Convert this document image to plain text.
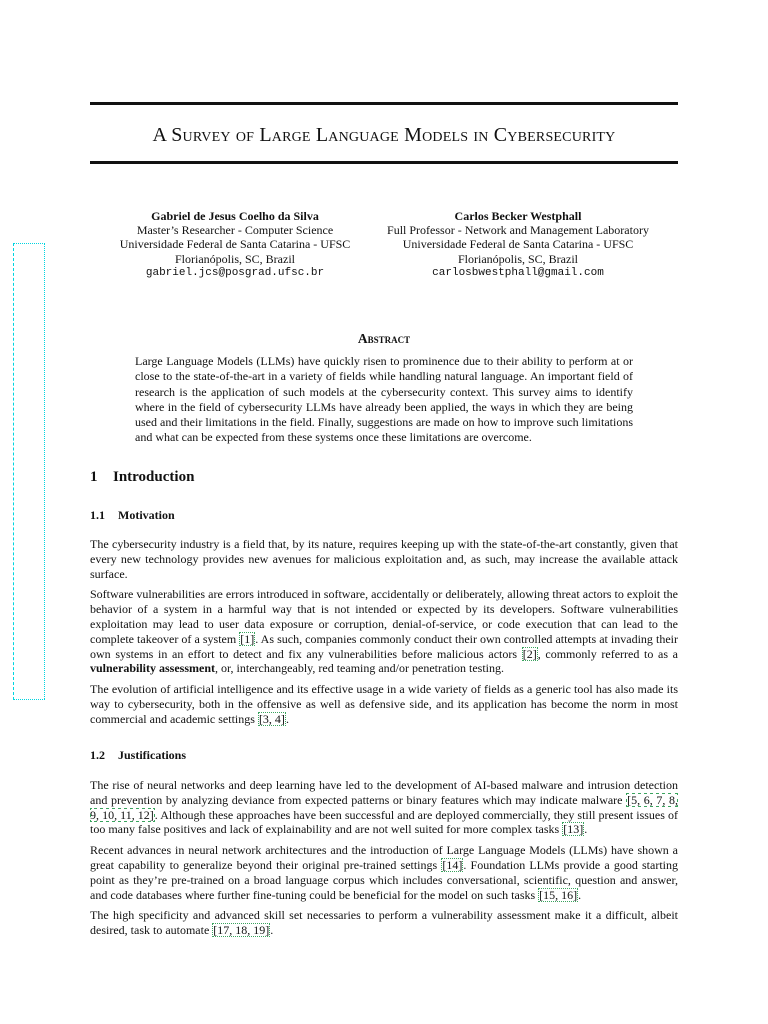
A Survey of Large Language Models in Cybersecurity
Gabriel de Jesus Coelho da Silva
Master’s Researcher - Computer Science
Universidade Federal de Santa Catarina - UFSC
Florianópolis, SC, Brazil
gabriel.jcs@posgrad.ufsc.br
Carlos Becker Westphall
Full Professor - Network and Management Laboratory
Universidade Federal de Santa Catarina - UFSC
Florianópolis, SC, Brazil
carlosbwestphall@gmail.com
Abstract

Large Language Models (LLMs) have quickly risen to prominence due to their ability to perform at or close to the state-of-the-art in a variety of fields while handling natural language. An important field of research is the application of such models at the cybersecurity context. This survey aims to identify where in the field of cybersecurity LLMs have already been applied, the ways in which they are being used and their limitations in the field. Finally, suggestions are made on how to improve such limitations and what can be expected from these systems once these limitations are overcome.

1 Introduction
1.1 Motivation

The cybersecurity industry is a field that, by its nature, requires keeping up with the state-of-the-art constantly, given that every new technology provides new avenues for malicious exploitation and, as such, may increase the available attack surface.

Software vulnerabilities are errors introduced in software, accidentally or deliberately, allowing threat actors to exploit the behavior of a system in a harmful way that is not intended or expected by its developers. Software vulnerabilities exploitation may lead to user data exposure or corruption, denial-of-service, or code execution that can lead to the complete takeover of a system [1]. As such, companies commonly conduct their own controlled attempts at invading their own systems in an effort to detect and fix any vulnerabilities before malicious actors [2], commonly referred to as a vulnerability assessment, or, interchangeably, red teaming and/or penetration testing.

The evolution of artificial intelligence and its effective usage in a wide variety of fields as a generic tool has also made its way to cybersecurity, both in the offensive as well as defensive side, and its application has become the norm in most commercial and academic settings [3, 4].

1.2 Justifications

The rise of neural networks and deep learning have led to the development of AI-based malware and intrusion detection and prevention by analyzing deviance from expected patterns or binary features which may indicate malware [5, 6, 7, 8, 9, 10, 11, 12]. Although these approaches have been successful and are deployed commercially, they still present issues of too many false positives and lack of explainability and are not well suited for more complex tasks [13].

Recent advances in neural network architectures and the introduction of Large Language Models (LLMs) have shown a great capability to generalize beyond their original pre-trained settings [14]. Foundation LLMs provide a good starting point as they’re pre-trained on a broad language corpus which includes conversational, scientific, question and answer, and code databases where further fine-tuning could be beneficial for the model on such tasks [15, 16].

The high specificity and advanced skill set necessaries to perform a vulnerability assessment make it a difficult, albeit desired, task to automate [17, 18, 19].
